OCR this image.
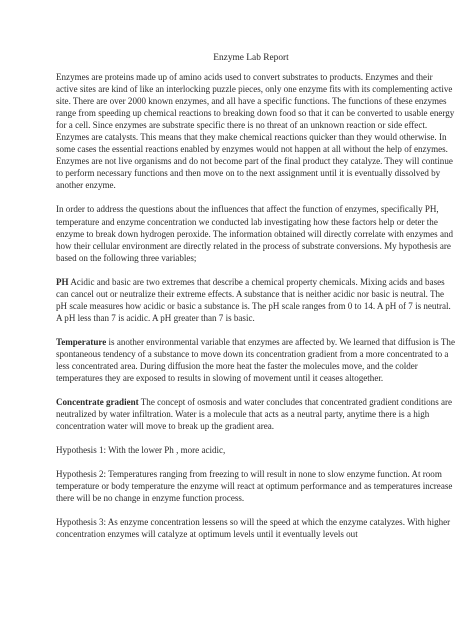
Enzyme Lab Report

Enzymes are proteins made up of amino acids used to convert substrates to products. Enzymes and their active sites are kind of like an interlocking puzzle pieces, only one enzyme fits with its complementing active site. There are over 2000 known enzymes, and all have a specific functions. The functions of these enzymes range from speeding up chemical reactions to breaking down food so that it can be converted to usable energy for a cell. Since enzymes are substrate specific there is no threat of an unknown reaction or side effect. Enzymes are catalysts. This means that they make chemical reactions quicker than they would otherwise. In some cases the essential reactions enabled by enzymes would not happen at all without the help of enzymes. Enzymes are not live organisms and do not become part of the final product they catalyze. They will continue to perform necessary functions and then move on to the next assignment until it is eventually dissolved by another enzyme.

In order to address the questions about the influences that affect the function of enzymes, specifically PH, temperature and enzyme concentration we conducted lab investigating how these factors help or deter the enzyme to break down hydrogen peroxide. The information obtained will directly correlate with enzymes and how their cellular environment are directly related in the process of substrate conversions. My hypothesis are based on the following three variables;

PH Acidic and basic are two extremes that describe a chemical property chemicals. Mixing acids and bases can cancel out or neutralize their extreme effects. A substance that is neither acidic nor basic is neutral. The pH scale measures how acidic or basic a substance is. The pH scale ranges from 0 to 14. A pH of 7 is neutral. A pH less than 7 is acidic. A pH greater than 7 is basic.

Temperature is another environmental variable that enzymes are affected by. We learned that diffusion is The spontaneous tendency of a substance to move down its concentration gradient from a more concentrated to a less concentrated area. During diffusion the more heat the faster the molecules move, and the colder temperatures they are exposed to results in slowing of movement until it ceases altogether.

Concentrate gradient The concept of osmosis and water concludes that concentrated gradient conditions are neutralized by water infiltration. Water is a molecule that acts as a neutral party, anytime there is a high concentration water will move to break up the gradient area.

Hypothesis 1: With the lower Ph , more acidic,

Hypothesis 2: Temperatures ranging from freezing to will result in none to slow enzyme function. At room temperature or body temperature the enzyme will react at optimum performance and as temperatures increase there will be no change in enzyme function process.

Hypothesis 3: As enzyme concentration lessens so will the speed at which the enzyme catalyzes. With higher concentration enzymes will catalyze at optimum levels until it eventually levels out
